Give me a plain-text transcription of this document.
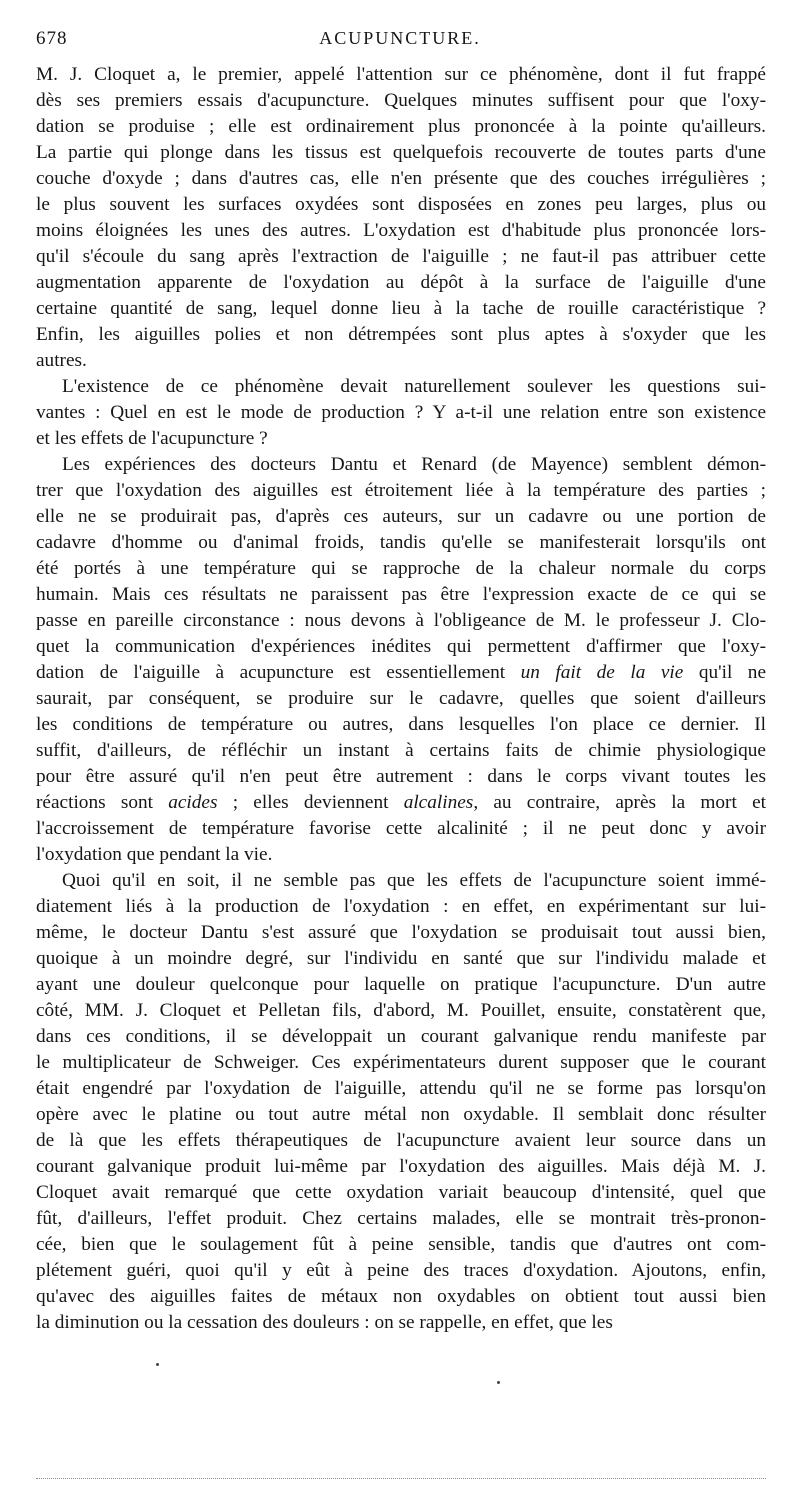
678	ACUPUNCTURE.
M. J. Cloquet a, le premier, appelé l'attention sur ce phénomène, dont il fut frappé
dès ses premiers essais d'acupuncture. Quelques minutes suffisent pour que l'oxy-
dation se produise ; elle est ordinairement plus prononcée à la pointe qu'ailleurs.
La partie qui plonge dans les tissus est quelquefois recouverte de toutes parts d'une
couche d'oxyde ; dans d'autres cas, elle n'en présente que des couches irrégulières ;
le plus souvent les surfaces oxydées sont disposées en zones peu larges, plus ou
moins éloignées les unes des autres. L'oxydation est d'habitude plus prononcée lors-
qu'il s'écoule du sang après l'extraction de l'aiguille ; ne faut-il pas attribuer cette
augmentation apparente de l'oxydation au dépôt à la surface de l'aiguille d'une
certaine quantité de sang, lequel donne lieu à la tache de rouille caractéristique ?
Enfin, les aiguilles polies et non détrempées sont plus aptes à s'oxyder que les
autres.
L'existence de ce phénomène devait naturellement soulever les questions sui-
vantes : Quel en est le mode de production ? Y a-t-il une relation entre son existence
et les effets de l'acupuncture ?
Les expériences des docteurs Dantu et Renard (de Mayence) semblent démon-
trer que l'oxydation des aiguilles est étroitement liée à la température des parties ;
elle ne se produirait pas, d'après ces auteurs, sur un cadavre ou une portion de
cadavre d'homme ou d'animal froids, tandis qu'elle se manifesterait lorsqu'ils ont
été portés à une température qui se rapproche de la chaleur normale du corps
humain. Mais ces résultats ne paraissent pas être l'expression exacte de ce qui se
passe en pareille circonstance : nous devons à l'obligeance de M. le professeur J. Clo-
quet la communication d'expériences inédites qui permettent d'affirmer que l'oxy-
dation de l'aiguille à acupuncture est essentiellement un fait de la vie qu'il ne
saurait, par conséquent, se produire sur le cadavre, quelles que soient d'ailleurs
les conditions de température ou autres, dans lesquelles l'on place ce dernier. Il
suffit, d'ailleurs, de réfléchir un instant à certains faits de chimie physiologique
pour être assuré qu'il n'en peut être autrement : dans le corps vivant toutes les
réactions sont acides ; elles deviennent alcalines, au contraire, après la mort et
l'accroissement de température favorise cette alcalinité ; il ne peut donc y avoir
l'oxydation que pendant la vie.
Quoi qu'il en soit, il ne semble pas que les effets de l'acupuncture soient immé-
diatement liés à la production de l'oxydation : en effet, en expérimentant sur lui-
même, le docteur Dantu s'est assuré que l'oxydation se produisait tout aussi bien,
quoique à un moindre degré, sur l'individu en santé que sur l'individu malade et
ayant une douleur quelconque pour laquelle on pratique l'acupuncture. D'un autre
côté, MM. J. Cloquet et Pelletan fils, d'abord, M. Pouillet, ensuite, constatèrent que,
dans ces conditions, il se développait un courant galvanique rendu manifeste par
le multiplicateur de Schweiger. Ces expérimentateurs durent supposer que le courant
était engendré par l'oxydation de l'aiguille, attendu qu'il ne se forme pas lorsqu'on
opère avec le platine ou tout autre métal non oxydable. Il semblait donc résulter
de là que les effets thérapeutiques de l'acupuncture avaient leur source dans un
courant galvanique produit lui-même par l'oxydation des aiguilles. Mais déjà M. J.
Cloquet avait remarqué que cette oxydation variait beaucoup d'intensité, quel que
fût, d'ailleurs, l'effet produit. Chez certains malades, elle se montrait très-pronon-
cée, bien que le soulagement fût à peine sensible, tandis que d'autres ont com-
plétement guéri, quoi qu'il y eût à peine des traces d'oxydation. Ajoutons, enfin,
qu'avec des aiguilles faites de métaux non oxydables on obtient tout aussi bien
la diminution ou la cessation des douleurs : on se rappelle, en effet, que les
